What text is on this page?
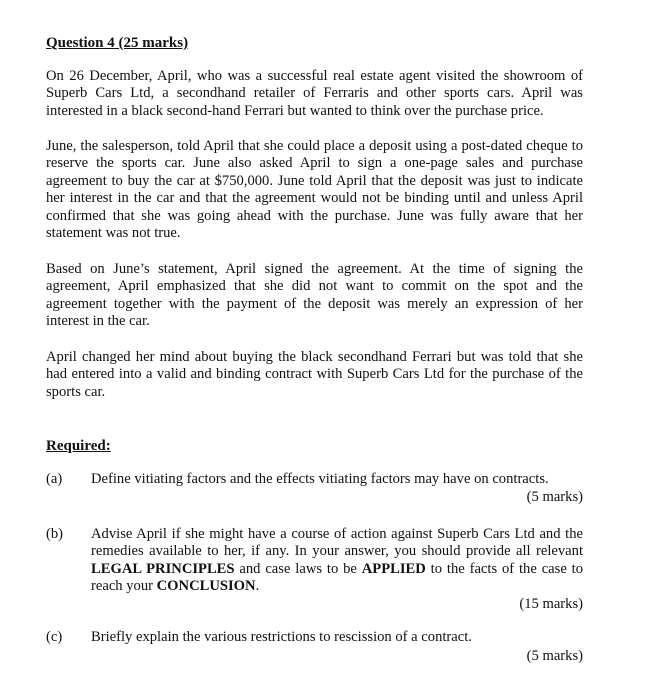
Question 4 (25 marks)

On 26 December, April, who was a successful real estate agent visited the showroom of Superb Cars Ltd, a secondhand retailer of Ferraris and other sports cars. April was interested in a black second-hand Ferrari but wanted to think over the purchase price.

June, the salesperson, told April that she could place a deposit using a post-dated cheque to reserve the sports car. June also asked April to sign a one-page sales and purchase agreement to buy the car at $750,000. June told April that the deposit was just to indicate her interest in the car and that the agreement would not be binding until and unless April confirmed that she was going ahead with the purchase. June was fully aware that her statement was not true.

Based on June’s statement, April signed the agreement. At the time of signing the agreement, April emphasized that she did not want to commit on the spot and the agreement together with the payment of the deposit was merely an expression of her interest in the car.

April changed her mind about buying the black secondhand Ferrari but was told that she had entered into a valid and binding contract with Superb Cars Ltd for the purchase of the sports car.

Required:
(a) Define vitiating factors and the effects vitiating factors may have on contracts.

(5 marks)
(b) Advise April if she might have a course of action against Superb Cars Ltd and the remedies available to her, if any. In your answer, you should provide all relevant LEGAL PRINCIPLES and case laws to be APPLIED to the facts of the case to reach your CONCLUSION.

(15 marks)
(c) Briefly explain the various restrictions to rescission of a contract.

(5 marks)
